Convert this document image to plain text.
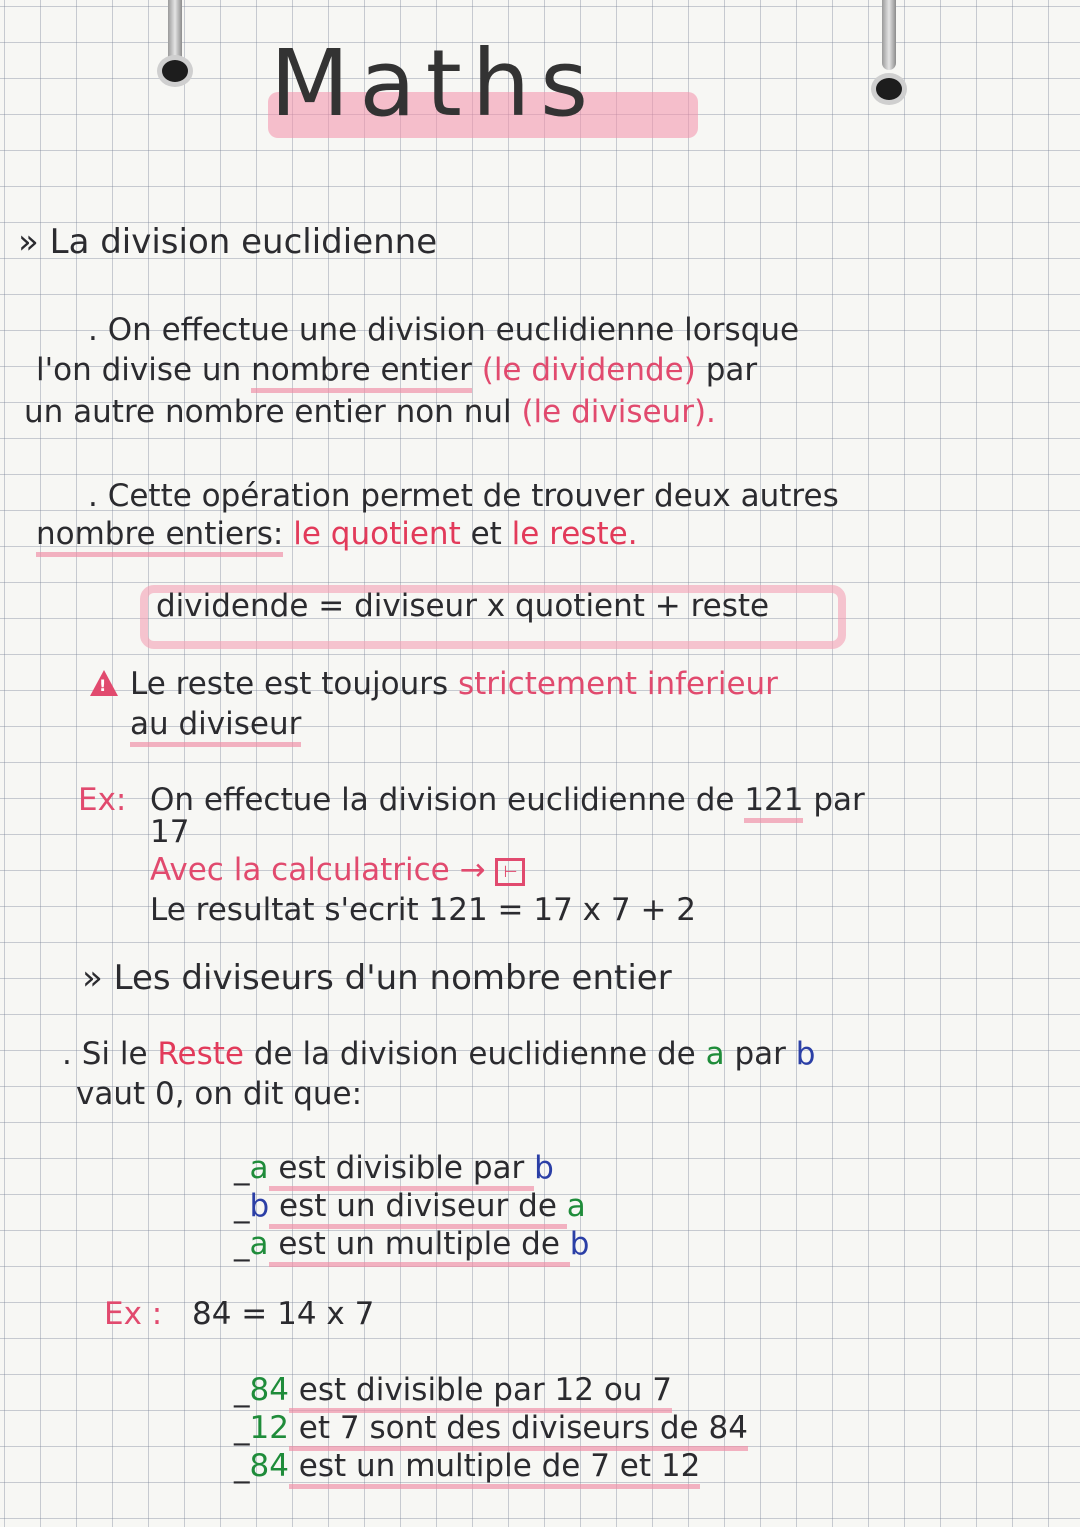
Maths
» La division euclidienne
. On effectue une division euclidienne lorsque
l'on divise un nombre entier (le dividende) par
un autre nombre entier non nul (le diviseur).
. Cette opération permet de trouver deux autres
nombre entiers: le quotient et le reste.
dividende = diviseur x quotient + reste
! Le reste est toujours strictement inferieur
au diviseur
Ex: On effectue la division euclidienne de 121 par
17
Avec la calculatrice → ⊢
Le resultat s'ecrit 121 = 17 x 7 + 2
» Les diviseurs d'un nombre entier
. Si le Reste de la division euclidienne de a par b
vaut 0, on dit que:
_a est divisible par b
_b est un diviseur de a
_a est un multiple de b
Ex : 84 = 14 x 7
_84 est divisible par 12 ou 7
_12 et 7 sont des diviseurs de 84
_84 est un multiple de 7 et 12
